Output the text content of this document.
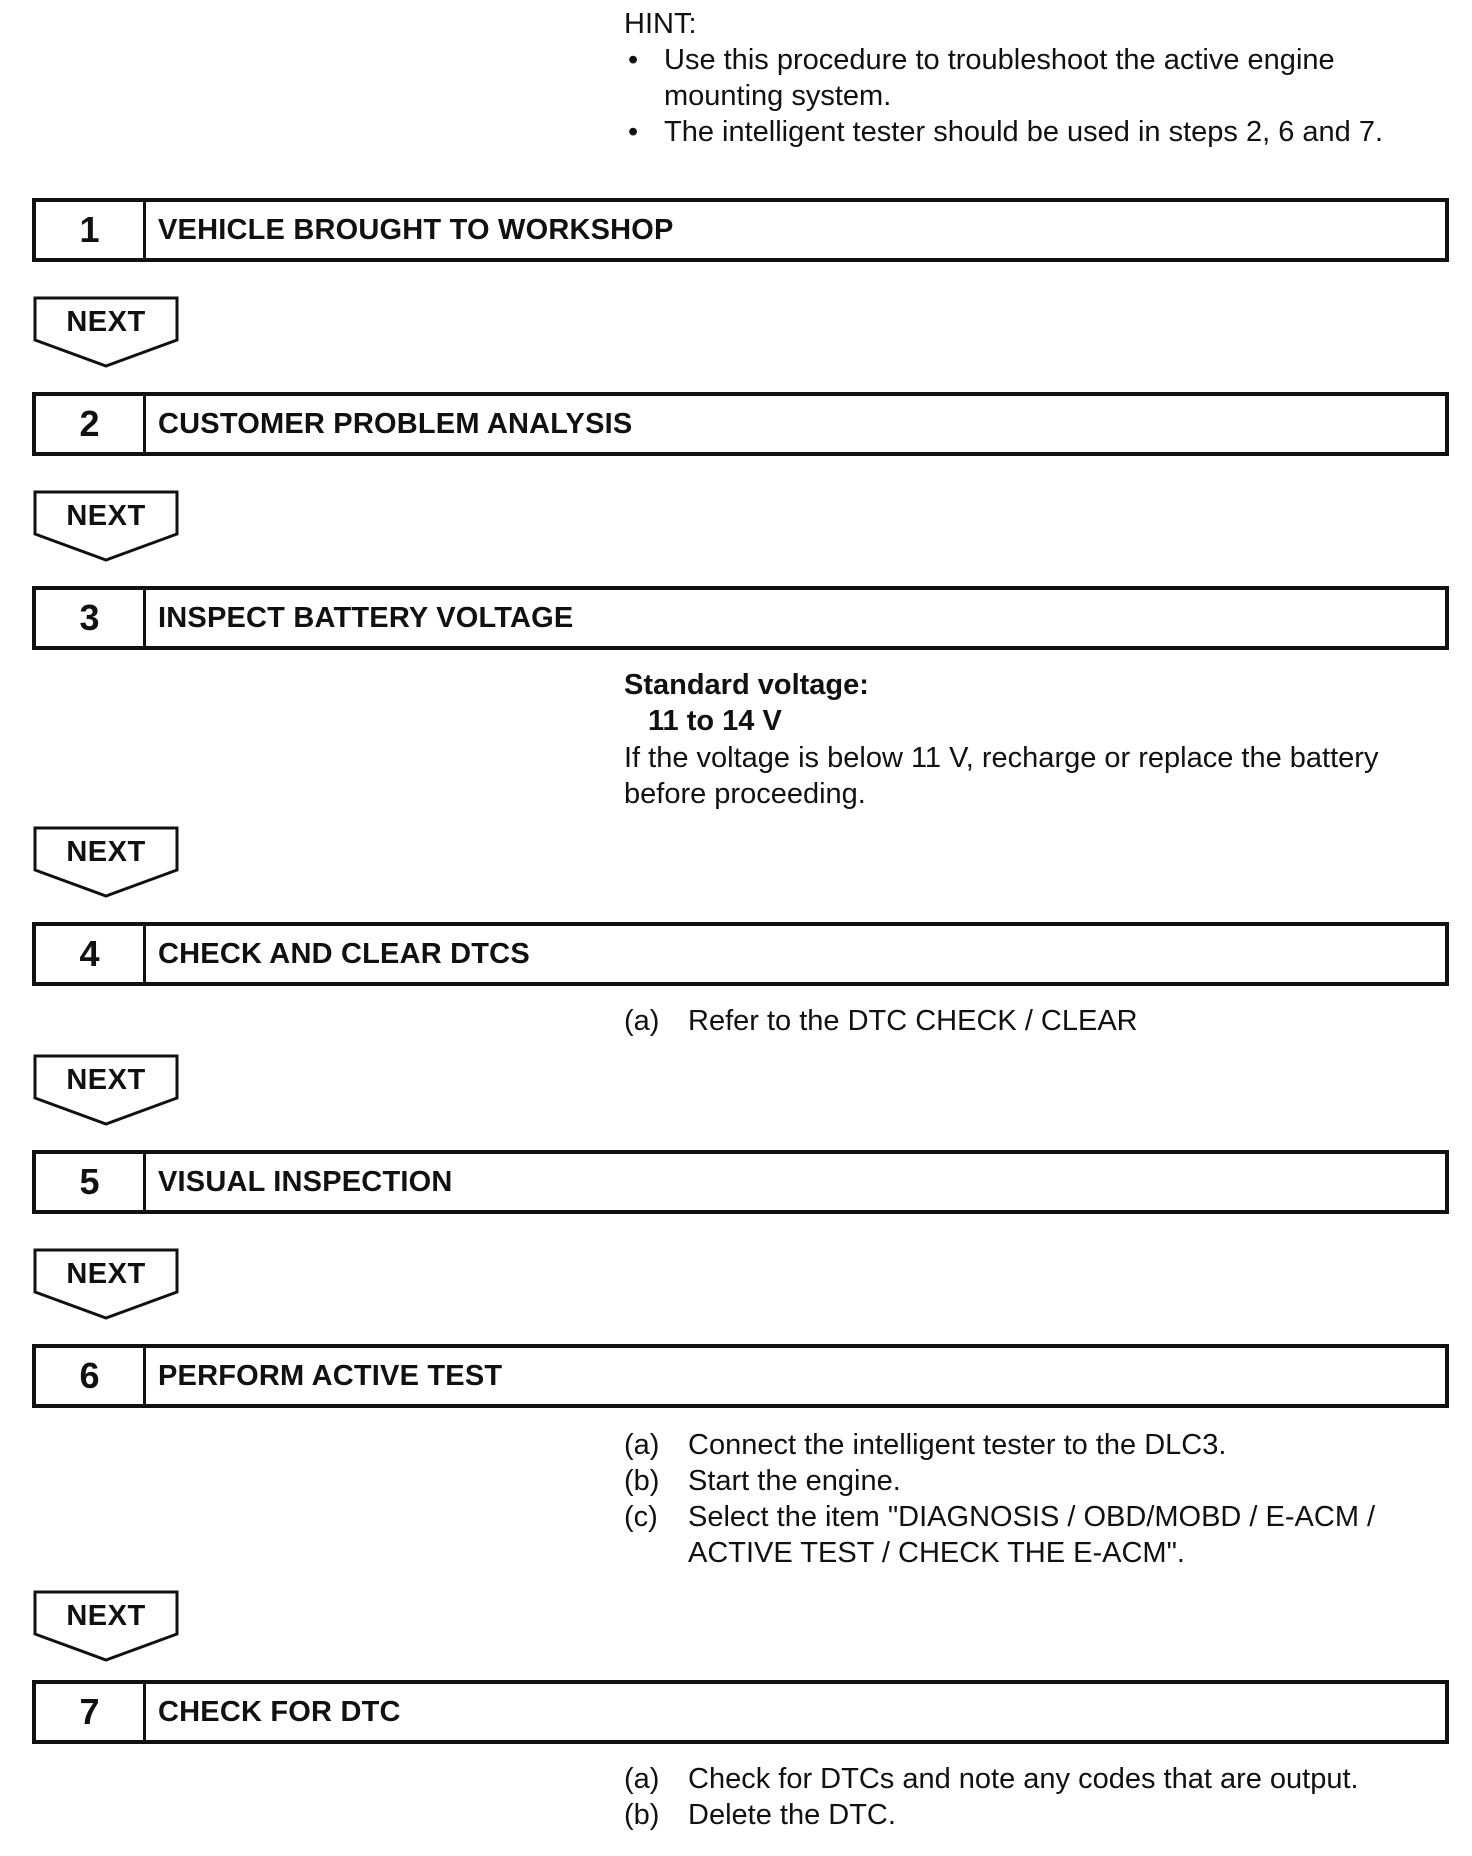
HINT:
• Use this procedure to troubleshoot the active engine
mounting system.
• The intelligent tester should be used in steps 2, 6 and 7.
1	VEHICLE BROUGHT TO WORKSHOP
NEXT
2	CUSTOMER PROBLEM ANALYSIS
NEXT
3	INSPECT BATTERY VOLTAGE
Standard voltage:
11 to 14 V
If the voltage is below 11 V, recharge or replace the battery
before proceeding.
NEXT
4	CHECK AND CLEAR DTCS
(a) Refer to the DTC CHECK / CLEAR
NEXT
5	VISUAL INSPECTION
NEXT
6	PERFORM ACTIVE TEST
(a) Connect the intelligent tester to the DLC3.
(b) Start the engine.
(c) Select the item "DIAGNOSIS / OBD/MOBD / E-ACM /
ACTIVE TEST / CHECK THE E-ACM".
NEXT
7	CHECK FOR DTC
(a) Check for DTCs and note any codes that are output.
(b) Delete the DTC.
